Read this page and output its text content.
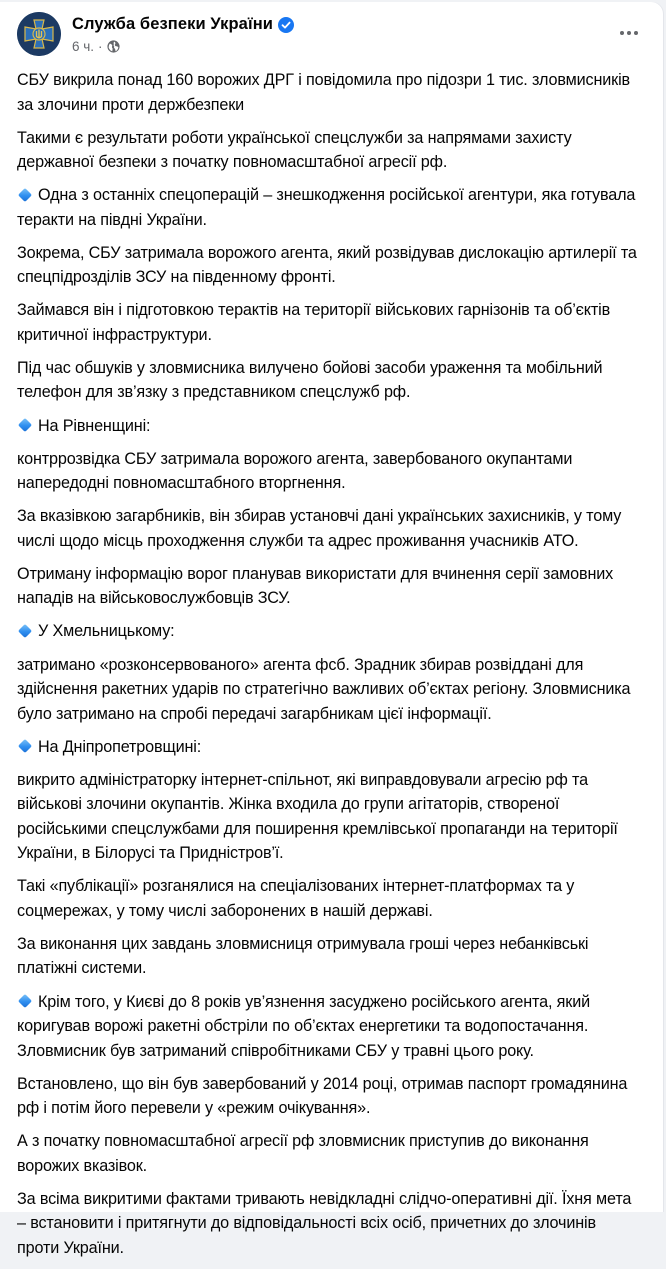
Служба безпеки України
6 ч. ·

СБУ викрила понад 160 ворожих ДРГ і повідомила про підозри 1 тис. зловмисників за злочини проти держбезпеки

Такими є результати роботи української спецслужби за напрямами захисту державної безпеки з початку повномасштабної агресії рф.

Одна з останніх спецоперацій – знешкодження російської агентури, яка готувала теракти на півдні України.

Зокрема, СБУ затримала ворожого агента, який розвідував дислокацію артилерії та спецпідрозділів ЗСУ на південному фронті.

Займався він і підготовкою терактів на території військових гарнізонів та об’єктів критичної інфраструктури.

Під час обшуків у зловмисника вилучено бойові засоби ураження та мобільний телефон для зв’язку з представником спецслужб рф.

На Рівненщині:

контррозвідка СБУ затримала ворожого агента, завербованого окупантами напередодні повномасштабного вторгнення.

За вказівкою загарбників, він збирав установчі дані українських захисників, у тому числі щодо місць проходження служби та адрес проживання учасників АТО.

Отриману інформацію ворог планував використати для вчинення серії замовних нападів на військовослужбовців ЗСУ.

У Хмельницькому:

затримано «розконсервованого» агента фсб. Зрадник збирав розвіддані для здійснення ракетних ударів по стратегічно важливих об’єктах регіону. Зловмисника було затримано на спробі передачі загарбникам цієї інформації.

На Дніпропетровщині:

викрито адміністраторку інтернет-спільнот, які виправдовували агресію рф та військові злочини окупантів. Жінка входила до групи агітаторів, створеної російськими спецслужбами для поширення кремлівської пропаганди на території України, в Білорусі та Придністров’ї.

Такі «публікації» розганялися на спеціалізованих інтернет-платформах та у соцмережах, у тому числі заборонених в нашій державі.

За виконання цих завдань зловмисниця отримувала гроші через небанківські платіжні системи.

Крім того, у Києві до 8 років ув’язнення засуджено російського агента, який коригував ворожі ракетні обстріли по об’єктах енергетики та водопостачання. Зловмисник був затриманий співробітниками СБУ у травні цього року.

Встановлено, що він був завербований у 2014 році, отримав паспорт громадянина рф і потім його перевели у «режим очікування».

А з початку повномасштабної агресії рф зловмисник приступив до виконання ворожих вказівок.

За всіма викритими фактами тривають невідкладні слідчо-оперативні дії. Їхня мета – встановити і притягнути до відповідальності всіх осіб, причетних до злочинів проти України.
